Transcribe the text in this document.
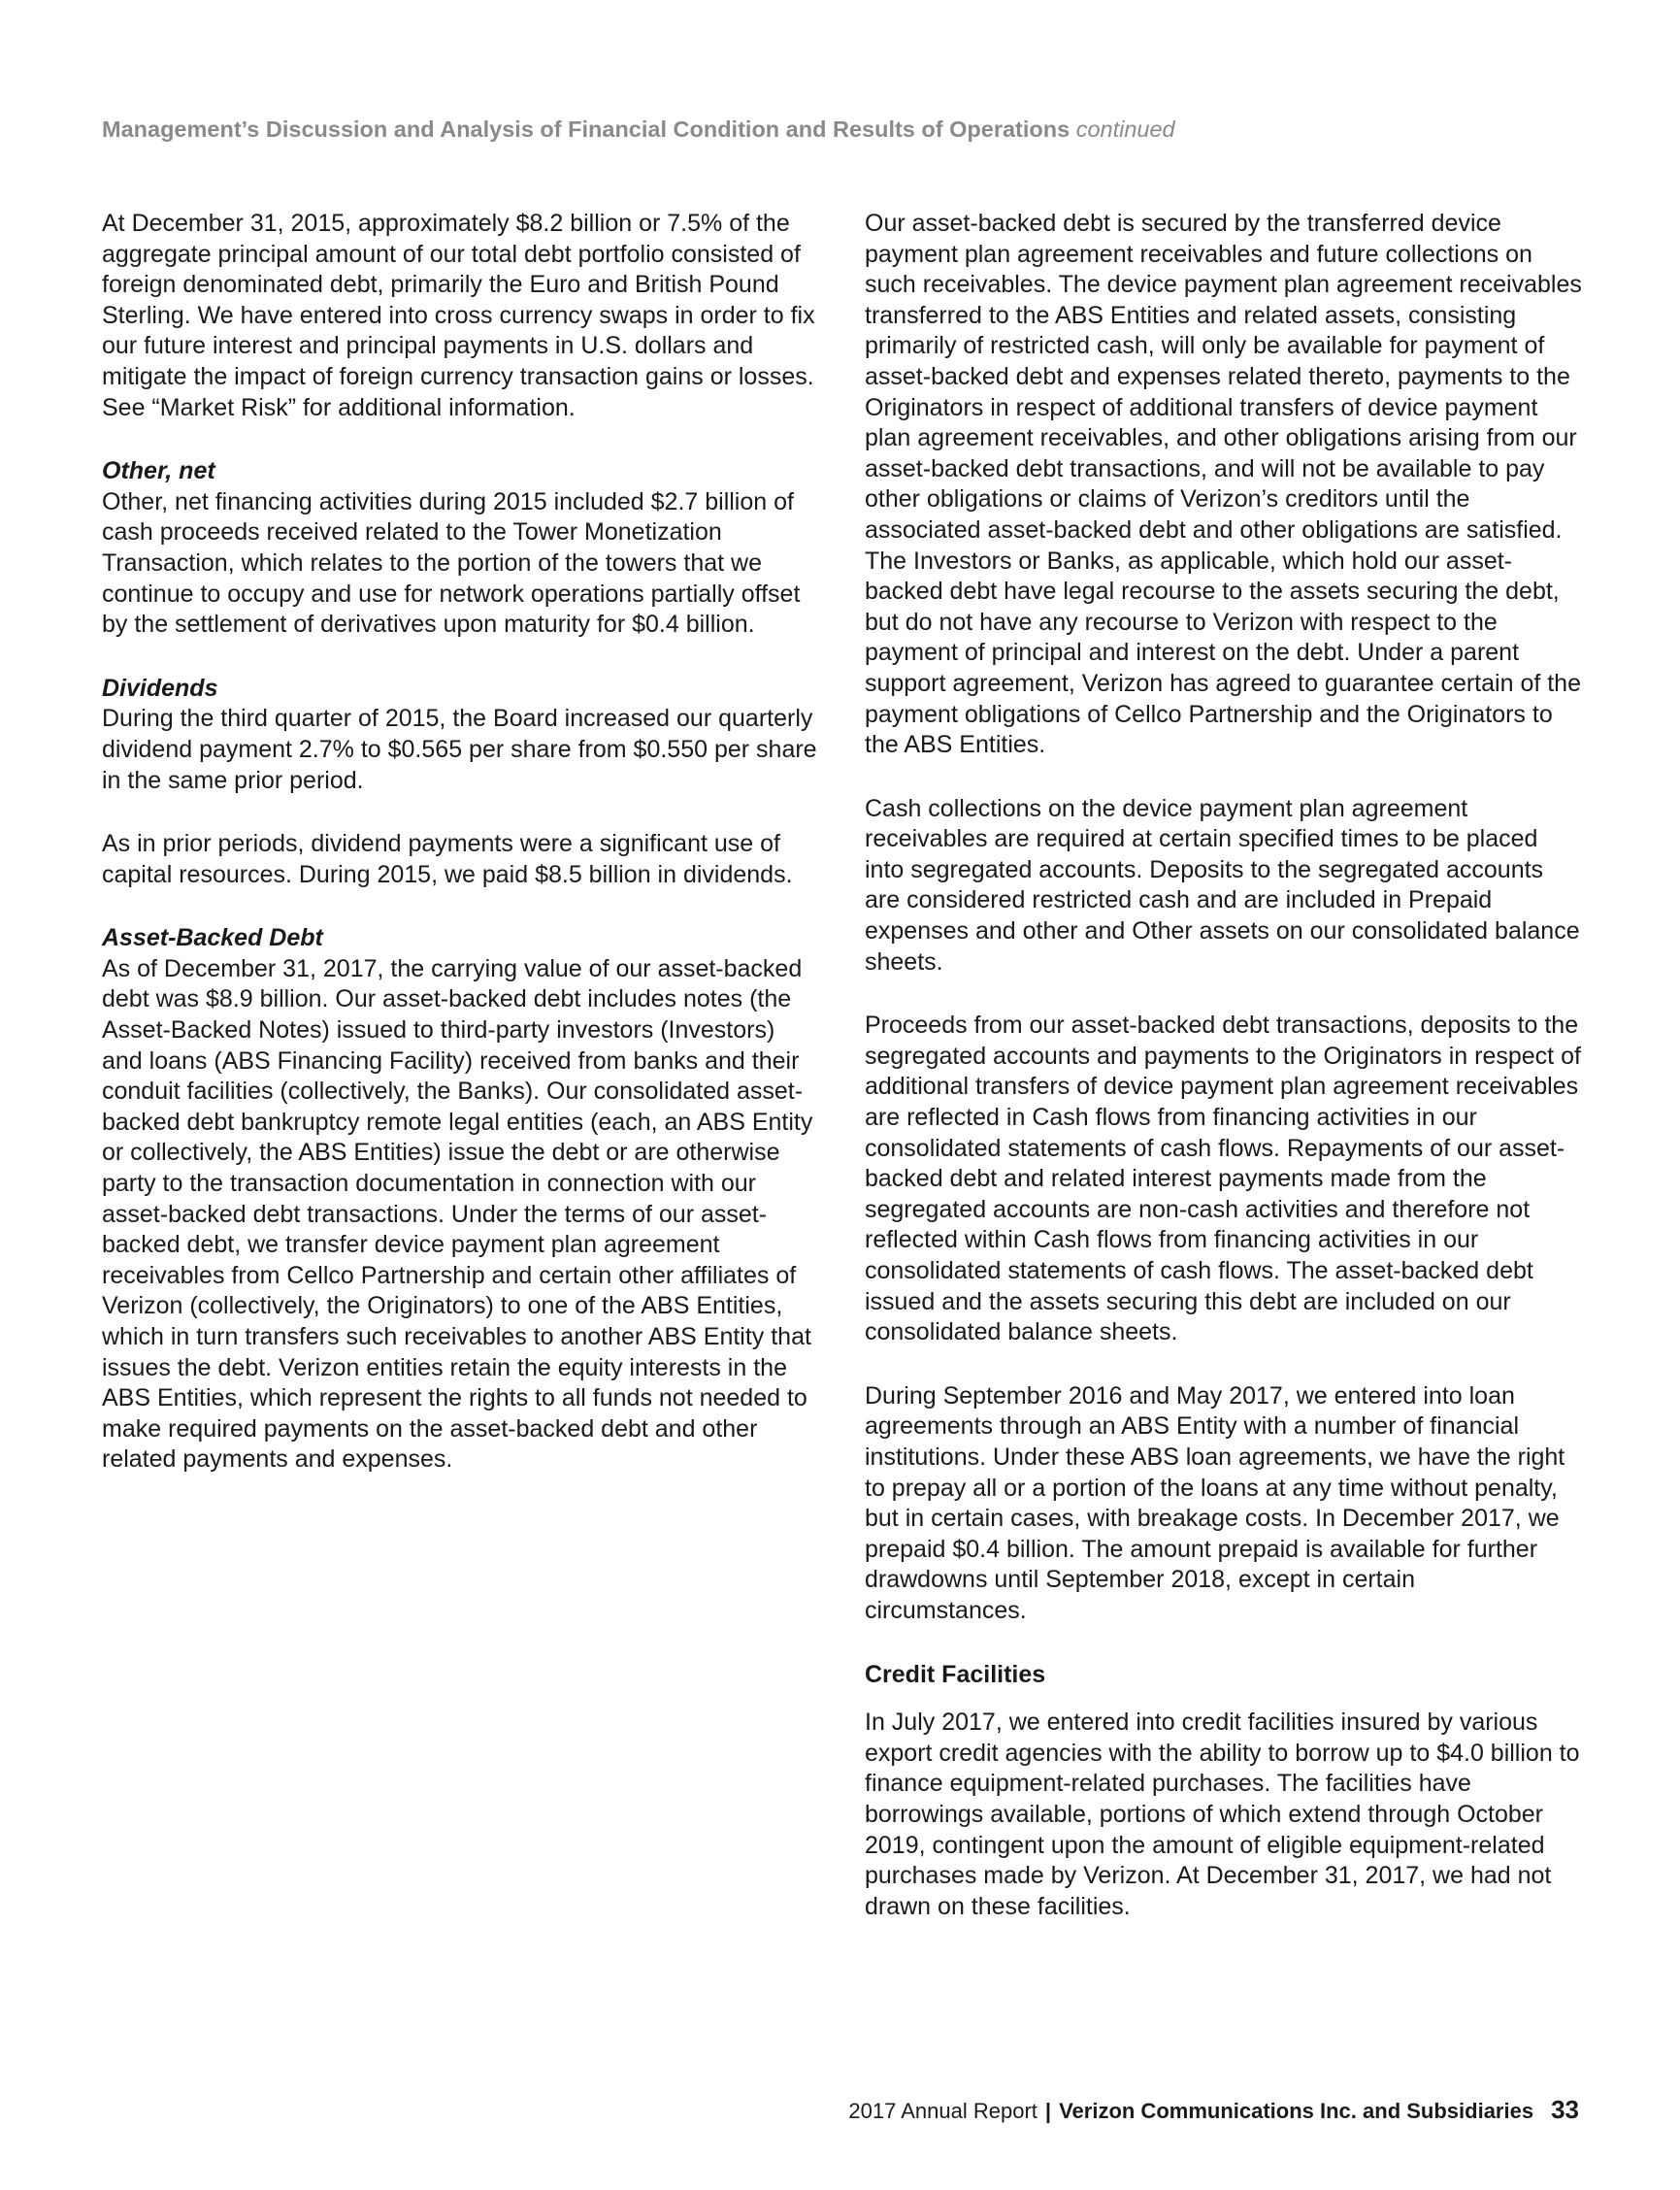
Management’s Discussion and Analysis of Financial Condition and Results of Operations continued

At December 31, 2015, approximately $8.2 billion or 7.5% of the aggregate principal amount of our total debt portfolio consisted of foreign denominated debt, primarily the Euro and British Pound Sterling. We have entered into cross currency swaps in order to fix our future interest and principal payments in U.S. dollars and mitigate the impact of foreign currency transaction gains or losses. See “Market Risk” for additional information.

Other, net
Other, net financing activities during 2015 included $2.7 billion of cash proceeds received related to the Tower Monetization Transaction, which relates to the portion of the towers that we continue to occupy and use for network operations partially offset by the settlement of derivatives upon maturity for $0.4 billion.

Dividends
During the third quarter of 2015, the Board increased our quarterly dividend payment 2.7% to $0.565 per share from $0.550 per share in the same prior period.

As in prior periods, dividend payments were a significant use of capital resources. During 2015, we paid $8.5 billion in dividends.

Asset-Backed Debt
As of December 31, 2017, the carrying value of our asset-backed debt was $8.9 billion. Our asset-backed debt includes notes (the Asset-Backed Notes) issued to third-party investors (Investors) and loans (ABS Financing Facility) received from banks and their conduit facilities (collectively, the Banks). Our consolidated asset-backed debt bankruptcy remote legal entities (each, an ABS Entity or collectively, the ABS Entities) issue the debt or are otherwise party to the transaction documentation in connection with our asset-backed debt transactions. Under the terms of our asset-backed debt, we transfer device payment plan agreement receivables from Cellco Partnership and certain other affiliates of Verizon (collectively, the Originators) to one of the ABS Entities, which in turn transfers such receivables to another ABS Entity that issues the debt. Verizon entities retain the equity interests in the ABS Entities, which represent the rights to all funds not needed to make required payments on the asset-backed debt and other related payments and expenses.

Our asset-backed debt is secured by the transferred device payment plan agreement receivables and future collections on such receivables. The device payment plan agreement receivables transferred to the ABS Entities and related assets, consisting primarily of restricted cash, will only be available for payment of asset-backed debt and expenses related thereto, payments to the Originators in respect of additional transfers of device payment plan agreement receivables, and other obligations arising from our asset-backed debt transactions, and will not be available to pay other obligations or claims of Verizon’s creditors until the associated asset-backed debt and other obligations are satisfied. The Investors or Banks, as applicable, which hold our asset-backed debt have legal recourse to the assets securing the debt, but do not have any recourse to Verizon with respect to the payment of principal and interest on the debt. Under a parent support agreement, Verizon has agreed to guarantee certain of the payment obligations of Cellco Partnership and the Originators to the ABS Entities.

Cash collections on the device payment plan agreement receivables are required at certain specified times to be placed into segregated accounts. Deposits to the segregated accounts are considered restricted cash and are included in Prepaid expenses and other and Other assets on our consolidated balance sheets.

Proceeds from our asset-backed debt transactions, deposits to the segregated accounts and payments to the Originators in respect of additional transfers of device payment plan agreement receivables are reflected in Cash flows from financing activities in our consolidated statements of cash flows. Repayments of our asset-backed debt and related interest payments made from the segregated accounts are non-cash activities and therefore not reflected within Cash flows from financing activities in our consolidated statements of cash flows. The asset-backed debt issued and the assets securing this debt are included on our consolidated balance sheets.

During September 2016 and May 2017, we entered into loan agreements through an ABS Entity with a number of financial institutions. Under these ABS loan agreements, we have the right to prepay all or a portion of the loans at any time without penalty, but in certain cases, with breakage costs. In December 2017, we prepaid $0.4 billion. The amount prepaid is available for further drawdowns until September 2018, except in certain circumstances.

Credit Facilities

In July 2017, we entered into credit facilities insured by various export credit agencies with the ability to borrow up to $4.0 billion to finance equipment-related purchases. The facilities have borrowings available, portions of which extend through October 2019, contingent upon the amount of eligible equipment-related purchases made by Verizon. At December 31, 2017, we had not drawn on these facilities.

2017 Annual Report | Verizon Communications Inc. and Subsidiaries 33
